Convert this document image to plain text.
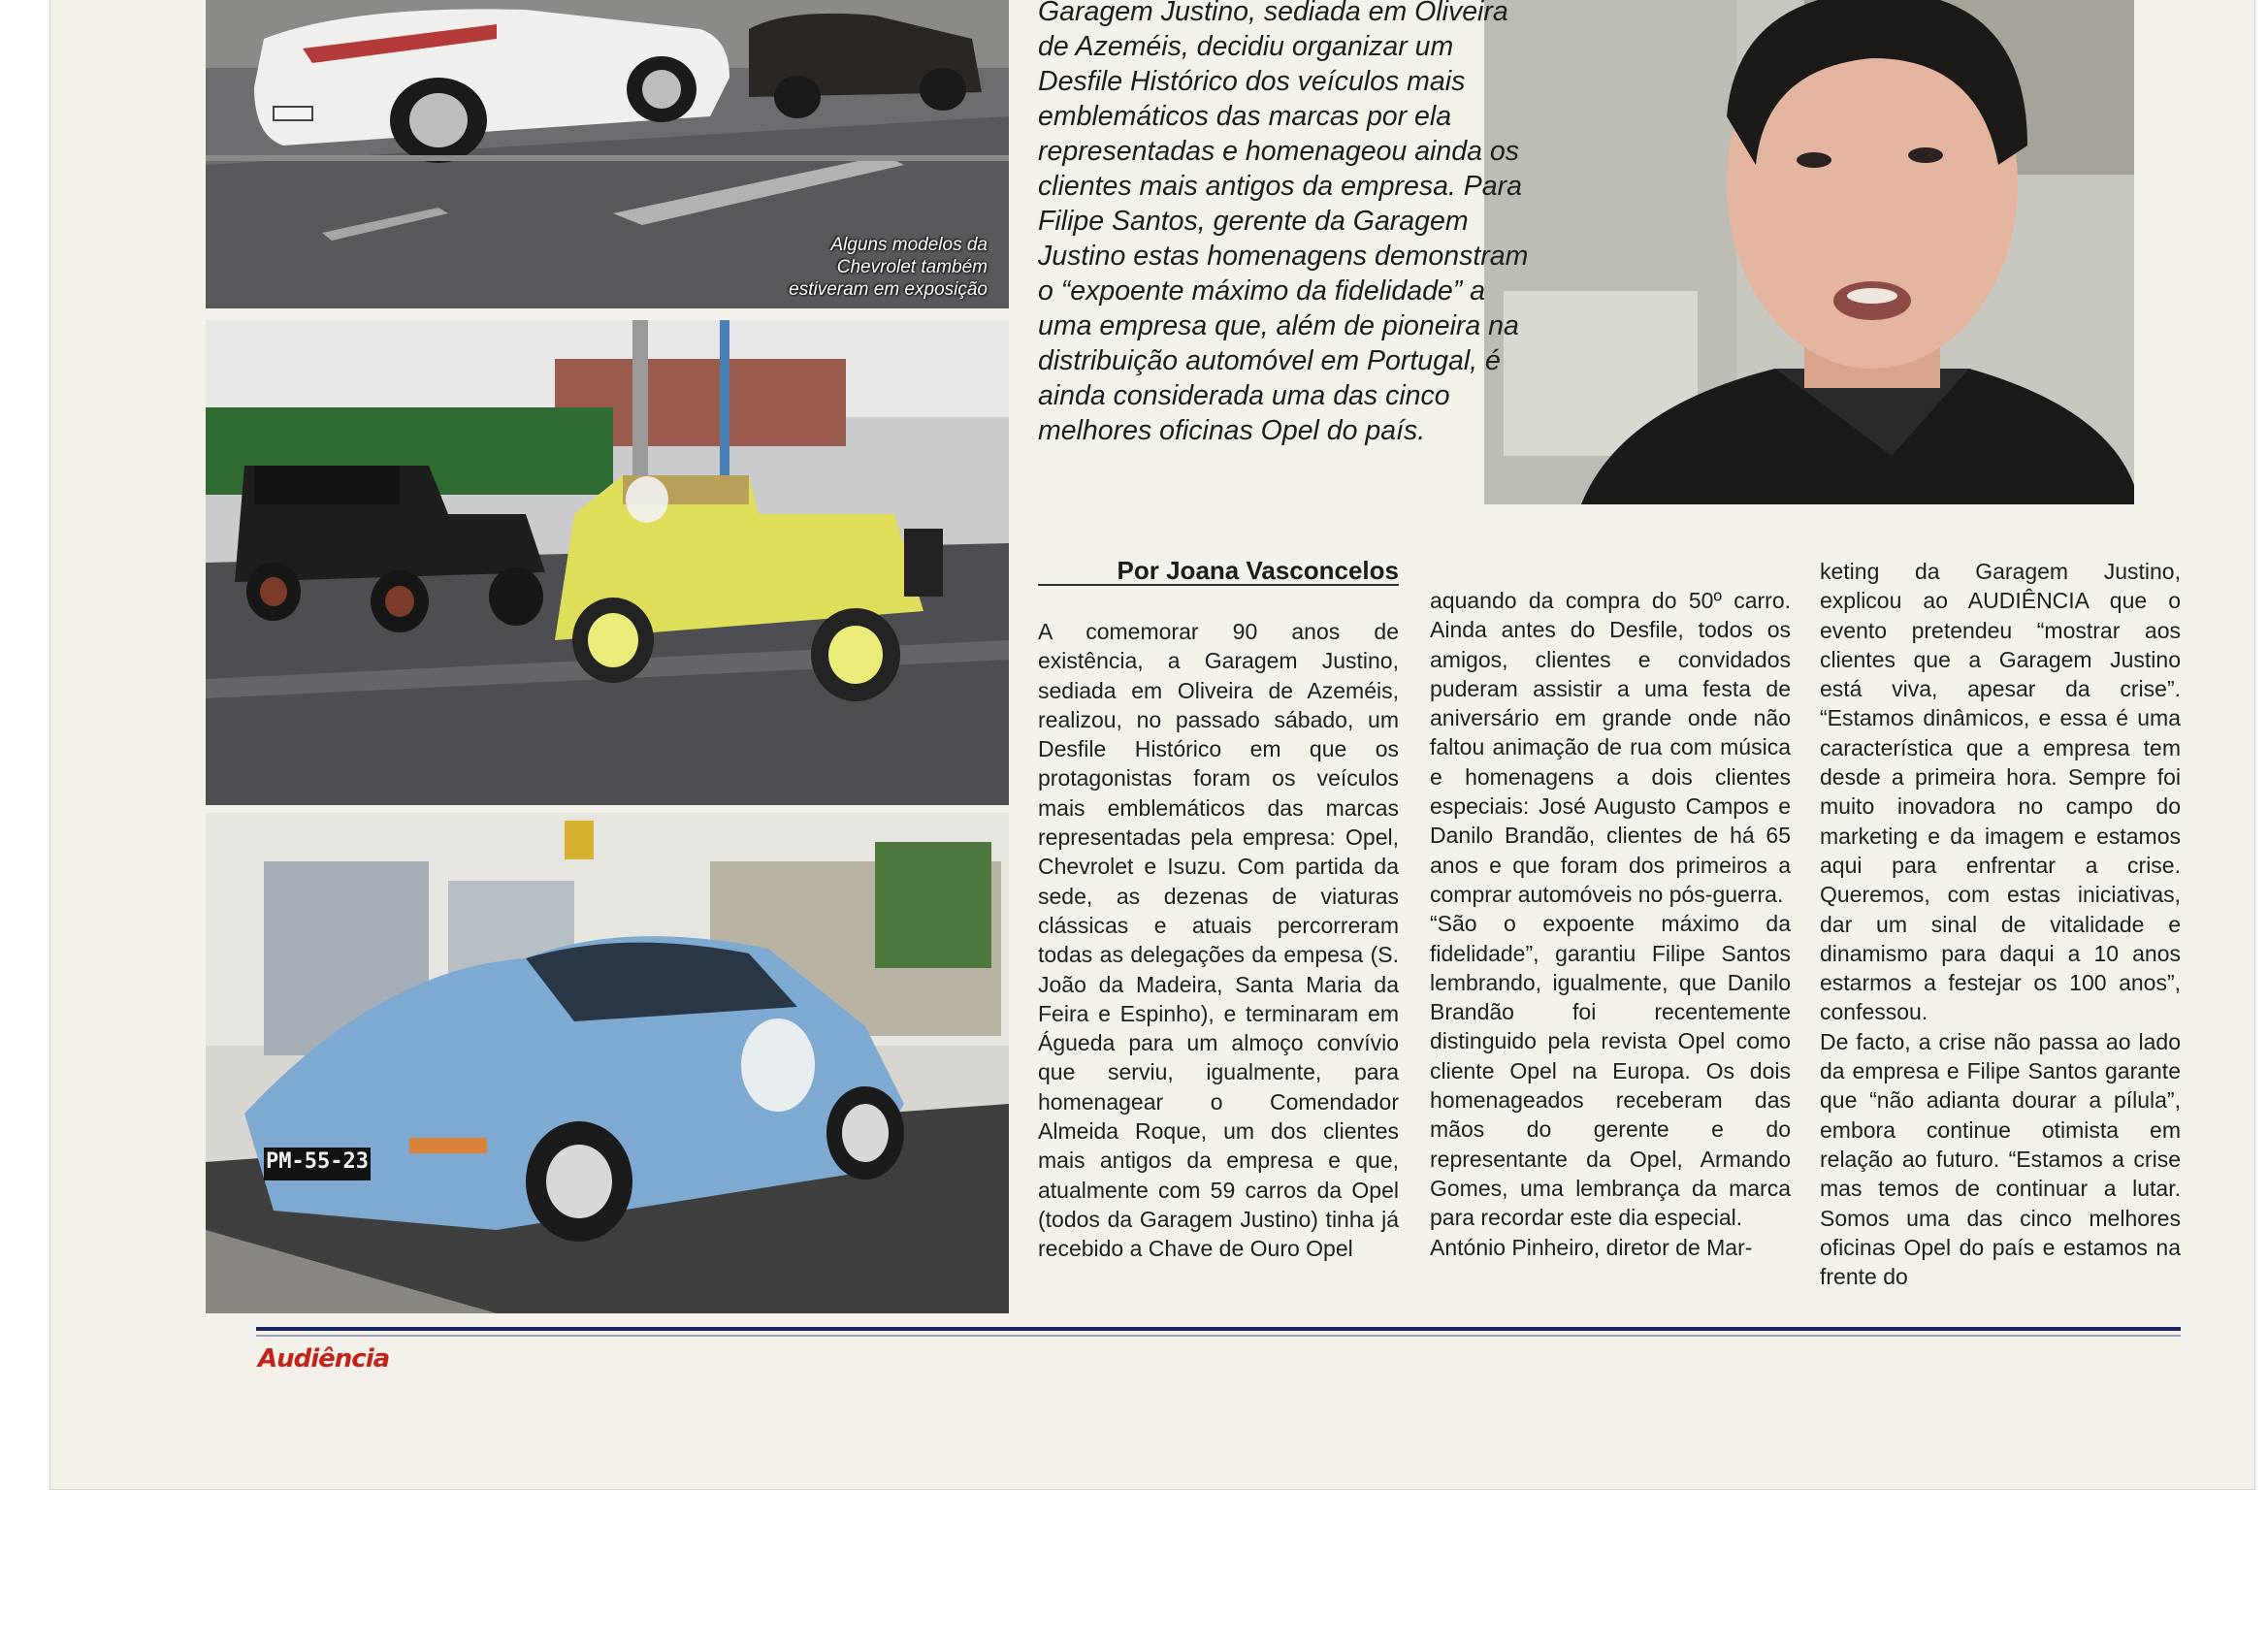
Alguns modelos da Chevrolet também estiveram em exposição
PM-55-23

Garagem Justino, sediada em Oliveira de Azeméis, decidiu organizar um Desfile Histórico dos veículos mais emblemáticos das marcas por ela representadas e homenageou ainda os clientes mais antigos da empresa. Para Filipe Santos, gerente da Garagem Justino estas homenagens demonstram o “expoente máximo da fidelidade” a uma empresa que, além de pioneira na distribuição automóvel em Portugal, é ainda considerada uma das cinco melhores oficinas Opel do país.

Por Joana Vasconcelos

A comemorar 90 anos de existência, a Garagem Justino, sediada em Oliveira de Azeméis, realizou, no passado sábado, um Desfile Histórico em que os protagonistas foram os veículos mais emblemáticos das marcas representadas pela empresa: Opel, Chevrolet e Isuzu. Com partida da sede, as dezenas de viaturas clássicas e atuais percorreram todas as delegações da empesa (S. João da Madeira, Santa Maria da Feira e Espinho), e terminaram em Águeda para um almoço convívio que serviu, igualmente, para homenagear o Comendador Almeida Roque, um dos clientes mais antigos da empresa e que, atualmente com 59 carros da Opel (todos da Garagem Justino) tinha já recebido a Chave de Ouro Opel

aquando da compra do 50º carro. Ainda antes do Desfile, todos os amigos, clientes e convidados puderam assistir a uma festa de aniversário em grande onde não faltou animação de rua com música e homenagens a dois clientes especiais: José Augusto Campos e Danilo Brandão, clientes de há 65 anos e que foram dos primeiros a comprar automóveis no pós-guerra.

“São o expoente máximo da fidelidade”, garantiu Filipe Santos lembrando, igualmente, que Danilo Brandão foi recentemente distinguido pela revista Opel como cliente Opel na Europa. Os dois homenageados receberam das mãos do gerente e do representante da Opel, Armando Gomes, uma lembrança da marca para recordar este dia especial.

António Pinheiro, diretor de Mar-

keting da Garagem Justino, explicou ao AUDIÊNCIA que o evento pretendeu “mostrar aos clientes que a Garagem Justino está viva, apesar da crise”. “Estamos dinâmicos, e essa é uma característica que a empresa tem desde a primeira hora. Sempre foi muito inovadora no campo do marketing e da imagem e estamos aqui para enfrentar a crise. Queremos, com estas iniciativas, dar um sinal de vitalidade e dinamismo para daqui a 10 anos estarmos a festejar os 100 anos”, confessou.

De facto, a crise não passa ao lado da empresa e Filipe Santos garante que “não adianta dourar a pílula”, embora continue otimista em relação ao futuro. “Estamos a crise mas temos de continuar a lutar. Somos uma das cinco melhores oficinas Opel do país e estamos na frente do

Audiência
